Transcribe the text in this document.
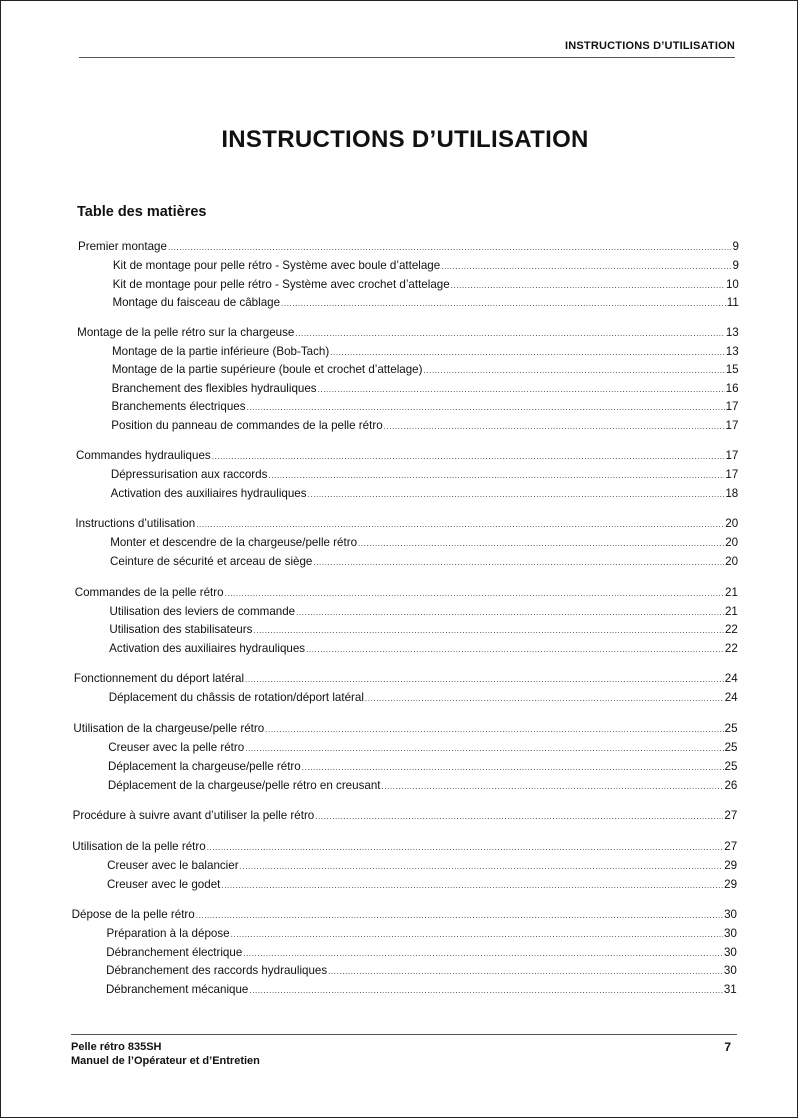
INSTRUCTIONS D’UTILISATION
INSTRUCTIONS D’UTILISATION
Table des matières
Premier montage .....	9
Kit de montage pour pelle rétro - Système avec boule d’attelage .....	9
Kit de montage pour pelle rétro - Système avec crochet d’attelage .....	10
Montage du faisceau de câblage .....	11
Montage de la pelle rétro sur la chargeuse .....	13
Montage de la partie inférieure (Bob-Tach) .....	13
Montage de la partie supérieure (boule et crochet d’attelage) .....	15
Branchement des flexibles hydrauliques .....	16
Branchements électriques .....	17
Position du panneau de commandes de la pelle rétro .....	17
Commandes hydrauliques .....	17
Dépressurisation aux raccords .....	17
Activation des auxiliaires hydrauliques .....	18
Instructions d’utilisation .....	20
Monter et descendre de la chargeuse/pelle rétro .....	20
Ceinture de sécurité et arceau de siège .....	20
Commandes de la pelle rétro .....	21
Utilisation des leviers de commande .....	21
Utilisation des stabilisateurs .....	22
Activation des auxiliaires hydrauliques .....	22
Fonctionnement du déport latéral .....	24
Déplacement du châssis de rotation/déport latéral .....	24
Utilisation de la chargeuse/pelle rétro .....	25
Creuser avec la pelle rétro .....	25
Déplacement la chargeuse/pelle rétro .....	25
Déplacement de la chargeuse/pelle rétro en creusant .....	26
Procédure à suivre avant d’utiliser la pelle rétro .....	27
Utilisation de la pelle rétro .....	27
Creuser avec le balancier .....	29
Creuser avec le godet .....	29
Dépose de la pelle rétro .....	30
Préparation à la dépose .....	30
Débranchement électrique .....	30
Débranchement des raccords hydrauliques .....	30
Débranchement mécanique .....	31
Pelle rétro 835SH
Manuel de l’Opérateur et d’Entretien
7
